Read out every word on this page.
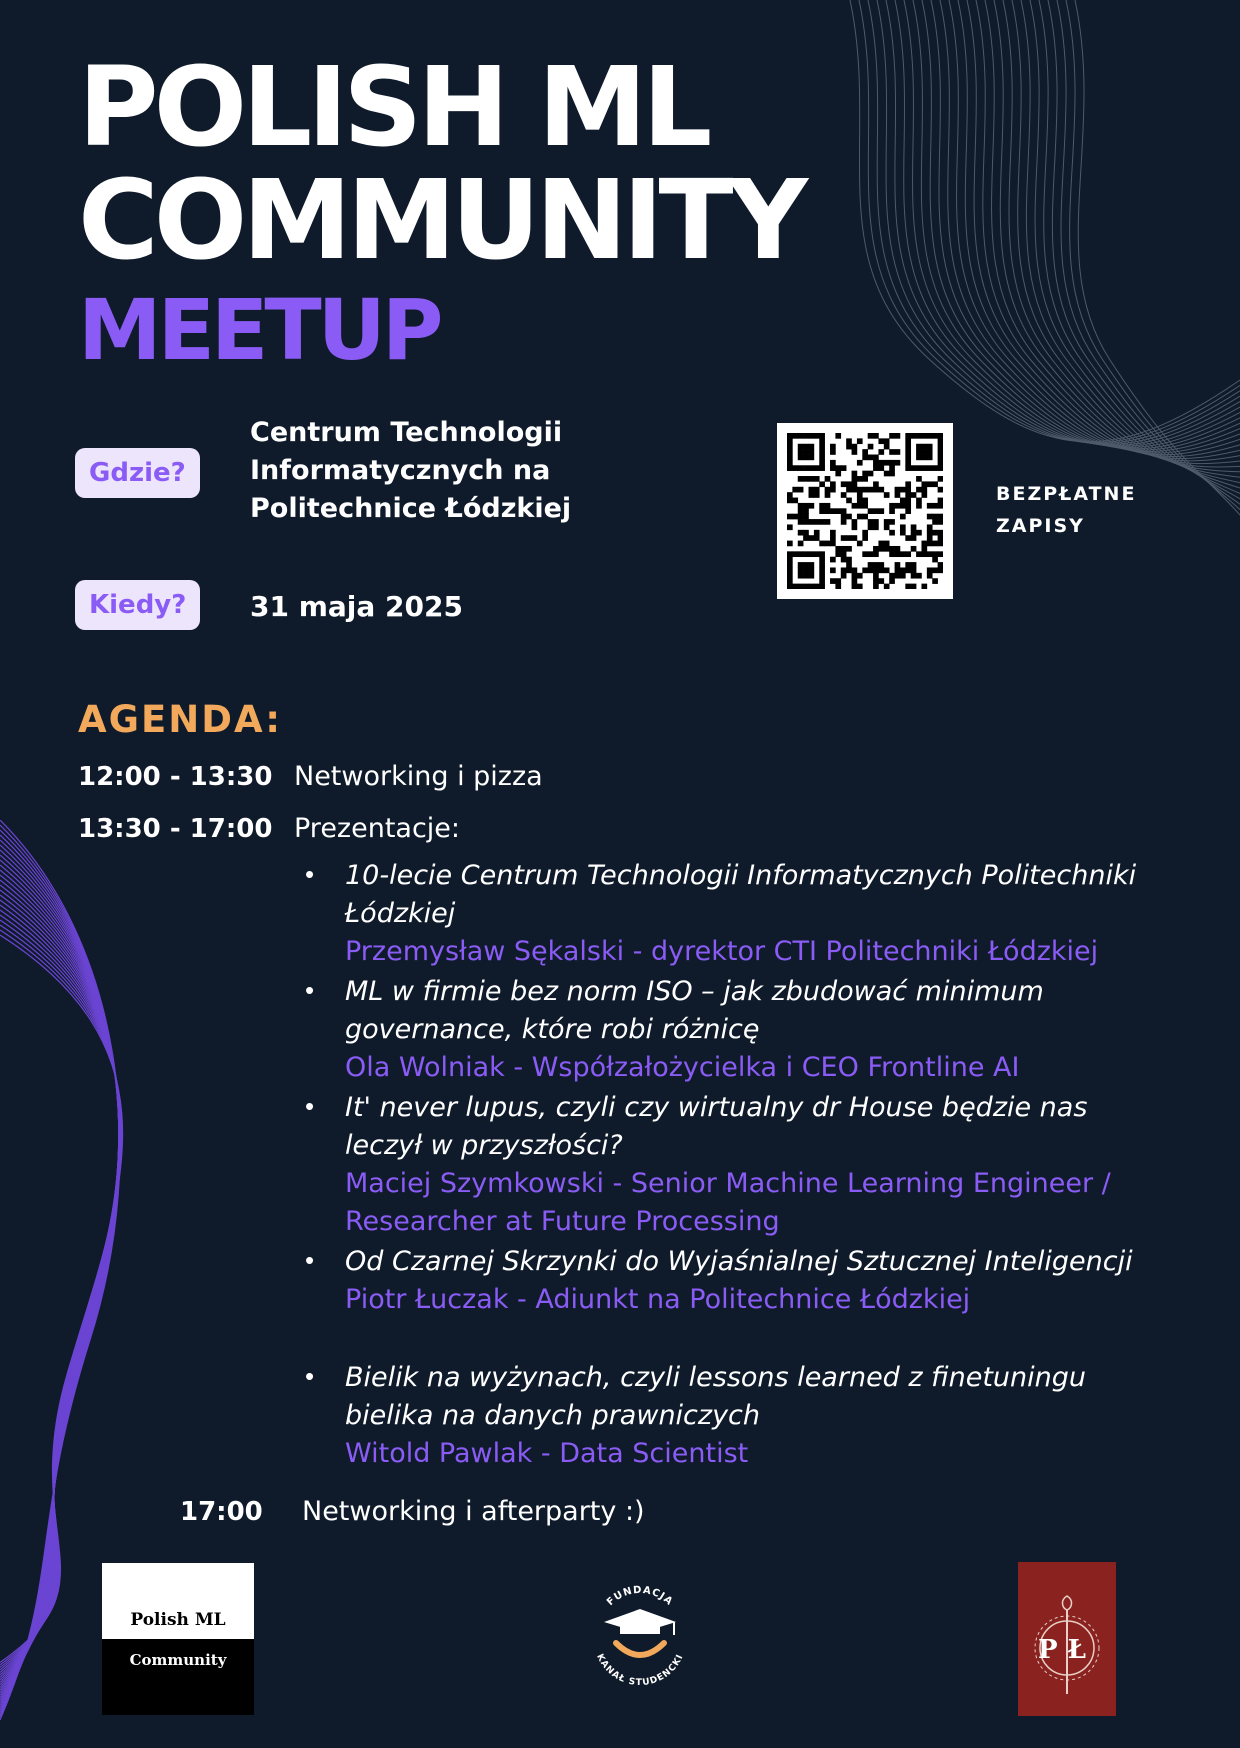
POLISH ML
COMMUNITY
MEETUP
Gdzie?
Centrum Technologii Informatycznych na Politechnice Łódzkiej
Kiedy?	31 maja 2025
BEZPŁATNE
ZAPISY
AGENDA:
12:00 - 13:30 Networking i pizza
13:30 - 17:00 Prezentacje:
• 10-lecie Centrum Technologii Informatycznych Politechniki Łódzkiej
Przemysław Sękalski - dyrektor CTI Politechniki Łódzkiej
• ML w firmie bez norm ISO – jak zbudować minimum governance, które robi różnicę
Ola Wolniak - Współzałożycielka i CEO Frontline AI
• It' never lupus, czyli czy wirtualny dr House będzie nas leczył w przyszłości?
Maciej Szymkowski - Senior Machine Learning Engineer / Researcher at Future Processing
• Od Czarnej Skrzynki do Wyjaśnialnej Sztucznej Inteligencji
Piotr Łuczak - Adiunkt na Politechnice Łódzkiej
• Bielik na wyżynach, czyli lessons learned z finetuningu bielika na danych prawniczych
Witold Pawlak - Data Scientist
17:00 Networking i afterparty :)
Polish ML
Community
FUNDACJA
KANAŁ STUDENCKI	PŁ
